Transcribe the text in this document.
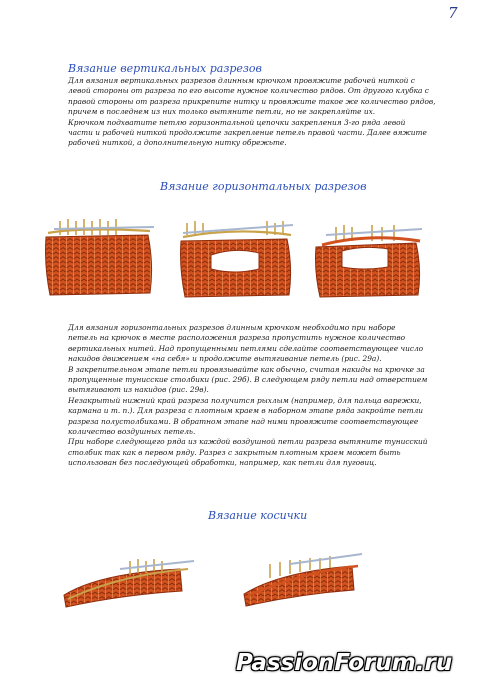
7
Вязание вертикальных разрезов

Для вязания вертикальных разрезов длинным крючком провяжите рабочей ниткой с

левой стороны от разреза по его высоте нужное количество рядов. От другого клубка с

правой стороны от разреза прикрепите нитку и провяжите такое же количество рядов,

причем в последнем из них только вытяните петли, но не закрепляйте их.

Крючком подхватите петлю горизонтальной цепочки закрепления 3-го ряда левой

части и рабочей ниткой продолжите закрепление петель правой части. Далее вяжите

рабочей ниткой, а дополнительную нитку обрежьте.

Вязание горизонтальных разрезов

Для вязания горизонтальных разрезов длинным крючком необходимо при наборе

петель на крючок в месте расположения разреза пропустить нужное количество

вертикальных нитей. Над пропущенными петлями сделайте соответствующее число

накидов движением «на себя» и продолжите вытягивание петель (рис. 29а).

В закрепительном этапе петли провязывайте как обычно, считая накиды на крючке за

пропущенные тунисские столбики (рис. 29б). В следующем ряду петли над отверстием

вытягивают из накидов (рис. 29в).

Незакрытый нижний край разреза получится рыхлым (например, для пальца варежки,

кармана и т. п.). Для разреза с плотным краем в наборном этапе ряда закройте петли

разреза полустолбиками. В обратном этапе над ними провяжите соответствующее

количество воздушных петель.

При наборе следующего ряда из каждой воздушной петли разреза вытяните тунисский

столбик так как в первом ряду. Разрез с закрытым плотным краем может быть

использован без последующей обработки, например, как петли для пуговиц.

Вязание косички
PassionForum.ru
